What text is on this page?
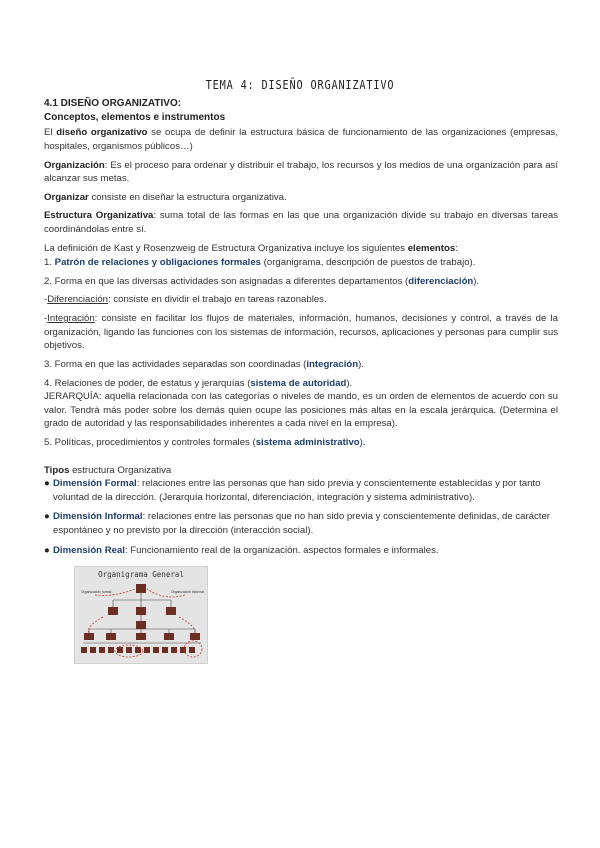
TEMA 4: DISEÑO ORGANIZATIVO

4.1 DISEÑO ORGANIZATIVO:

Conceptos, elementos e instrumentos

El diseño organizativo se ocupa de definir la estructura básica de funcionamiento de las organizaciones (empresas, hospitales, organismos públicos…)

Organización: Es el proceso para ordenar y distribuir el trabajo, los recursos y los medios de una organización para así alcanzar sus metas.

Organizar consiste en diseñar la estructura organizativa.

Estructura Organizativa: suma total de las formas en las que una organización divide su trabajo en diversas tareas coordinándolas entre sí.

La definición de Kast y Rosenzweig de Estructura Organizativa incluye los siguientes elementos:

1. Patrón de relaciones y obligaciones formales (organigrama, descripción de puestos de trabajo).

2. Forma en que las diversas actividades son asignadas a diferentes departamentos (diferenciación).

-Diferenciación: consiste en dividir el trabajo en tareas razonables.

-Integración: consiste en facilitar los flujos de materiales, información, humanos, decisiones y control, a través de la organización, ligando las funciones con los sistemas de información, recursos, aplicaciones y personas para cumplir sus objetivos.

3. Forma en que las actividades separadas son coordinadas (integración).

4. Relaciones de poder, de estatus y jerarquías (sistema de autoridad).

JERARQUÍA: aquella relacionada con las categorías o niveles de mando, es un orden de elementos de acuerdo con su valor. Tendrá más poder sobre los demás quien ocupe las posiciones más altas en la escala jerárquica. (Determina el grado de autoridad y las responsabilidades inherentes a cada nivel en la empresa).

5. Políticas, procedimientos y controles formales (sistema administrativo).

Tipos estructura Organizativa

● Dimensión Formal: relaciones entre las personas que han sido previa y conscientemente establecidas y por tanto voluntad de la dirección. (Jerarquía horizontal, diferenciación, integración y sistema administrativo).
● Dimensión Informal: relaciones entre las personas que no han sido previa y conscientemente definidas, de carácter espontáneo y no previsto por la dirección (interacción social).
● Dimensión Real: Funcionamiento real de la organización. aspectos formales e informales.
Organigrama General
Organización formal	Organización informal
